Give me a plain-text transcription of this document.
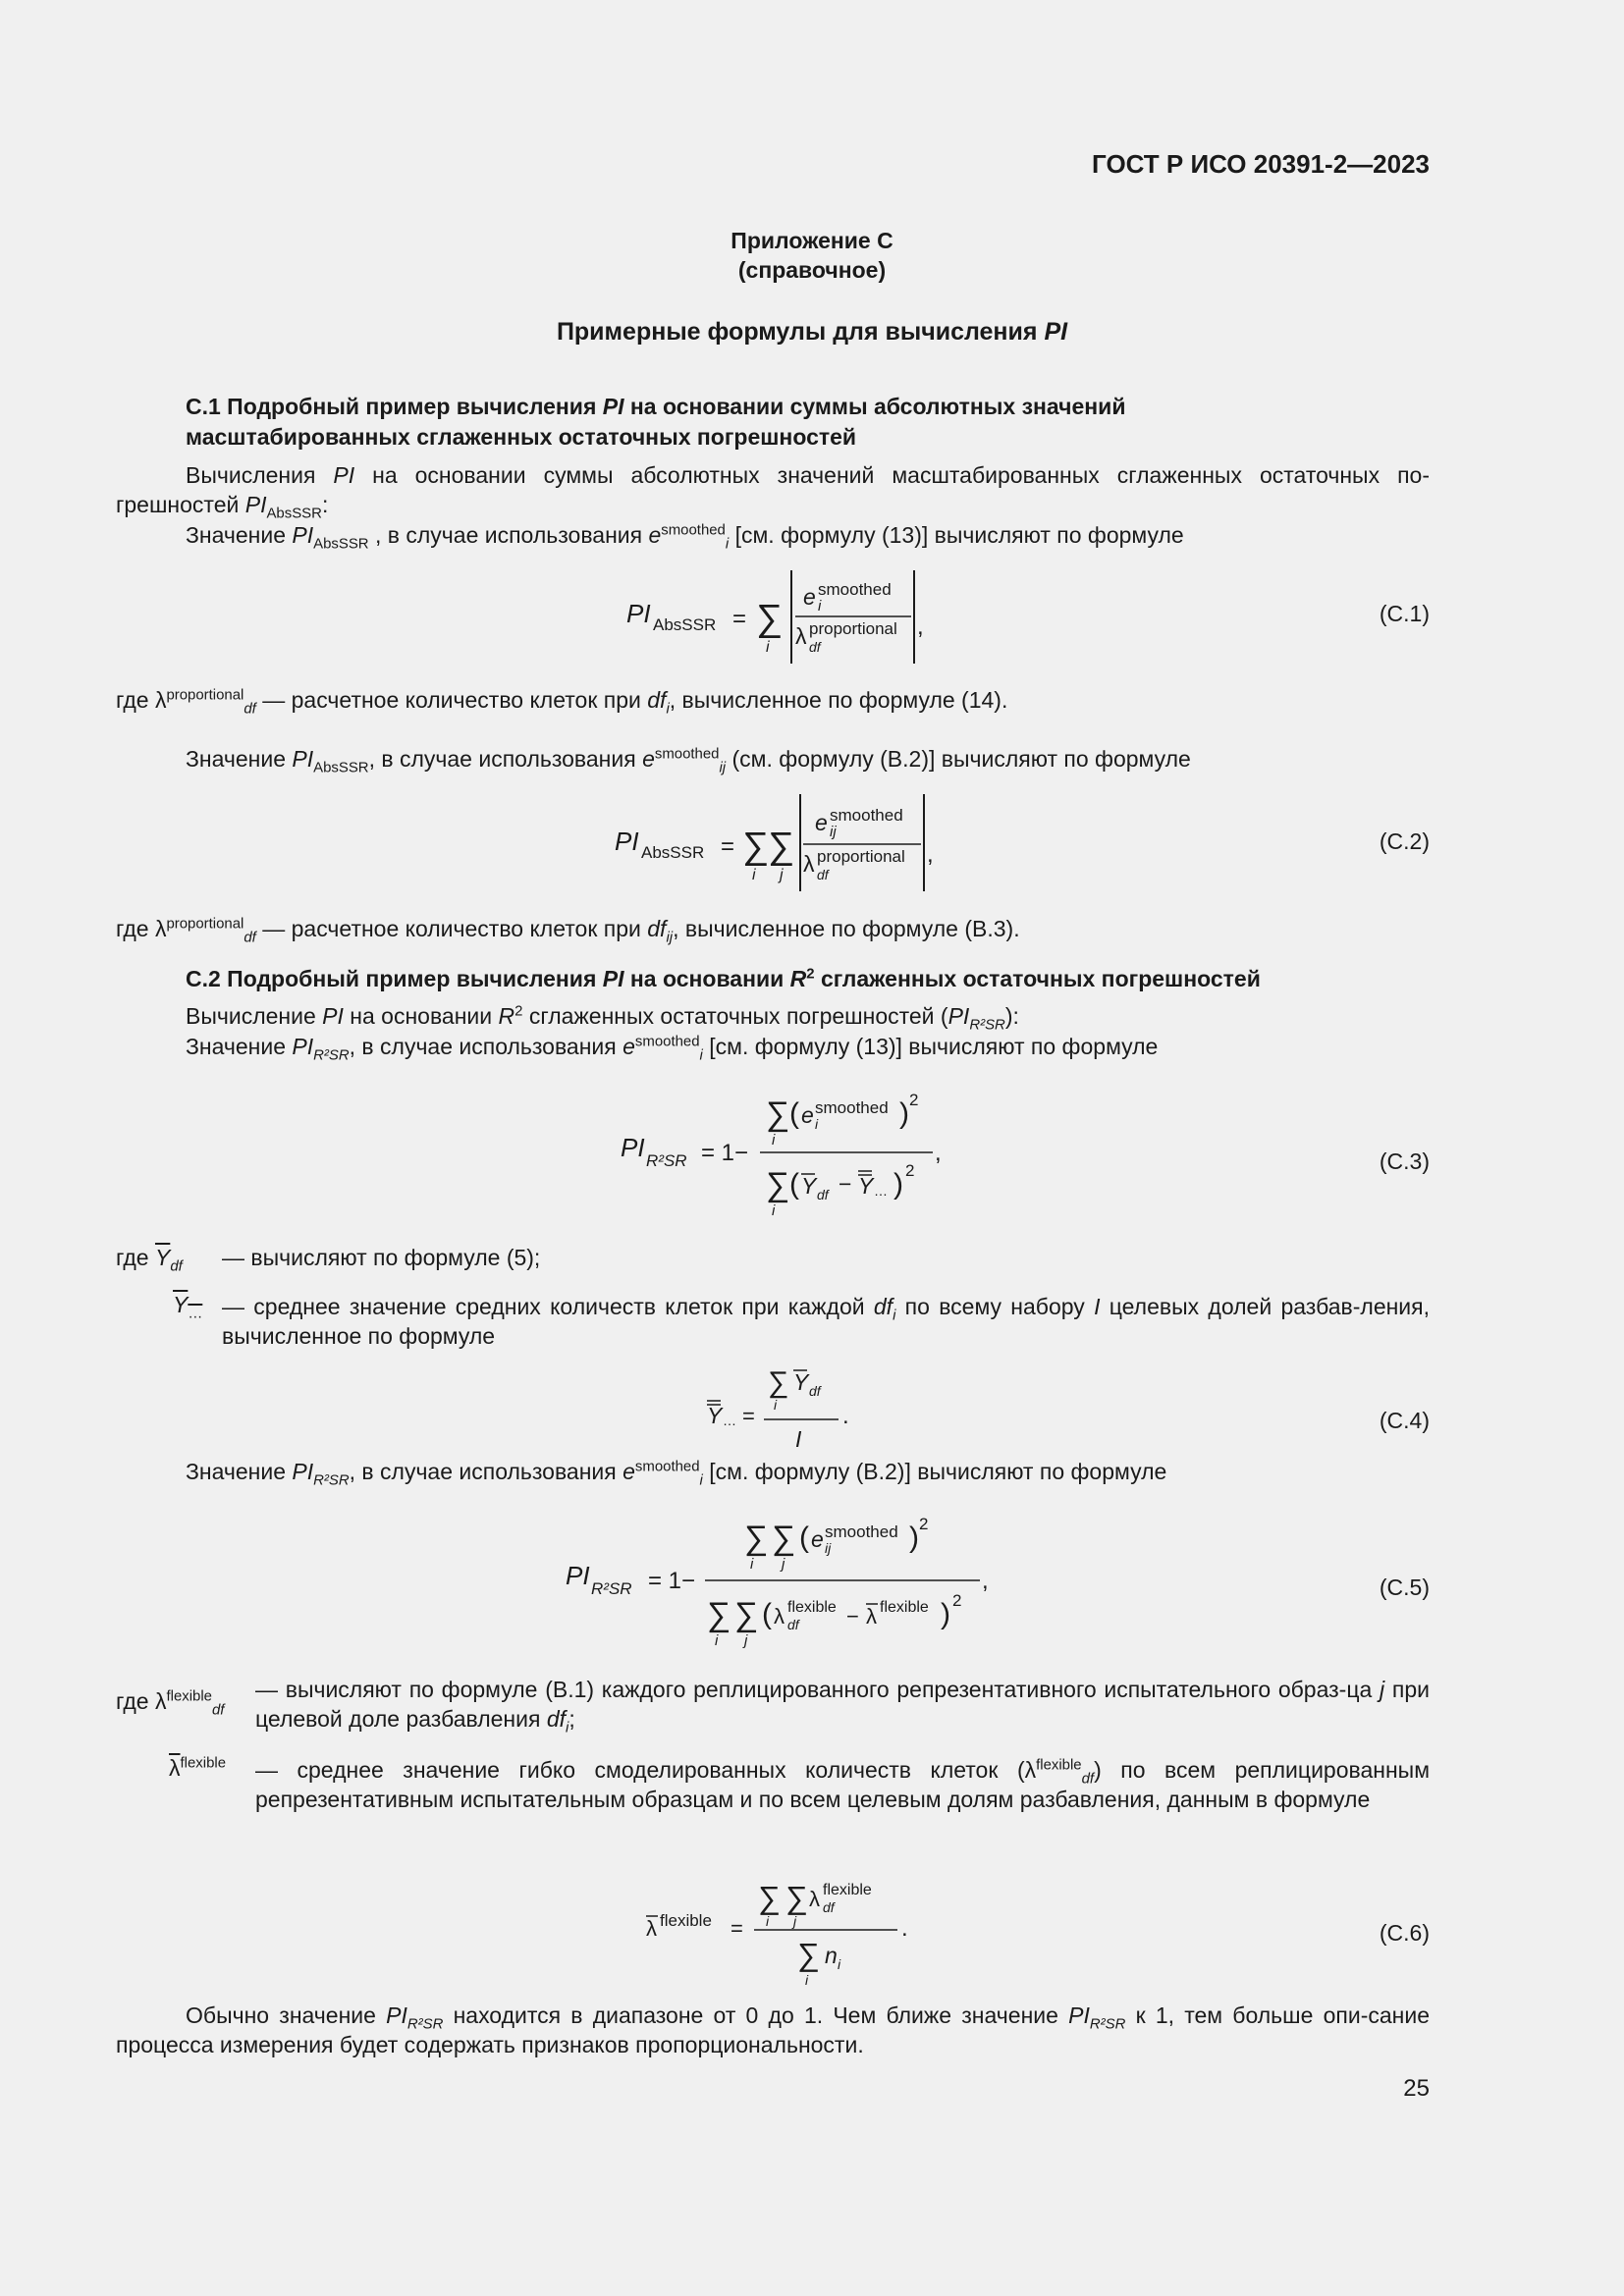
ГОСТ Р ИСО 20391-2—2023
Приложение C
(справочное)
Примерные формулы для вычисления PI
C.1 Подробный пример вычисления PI на основании суммы абсолютных значений
масштабированных сглаженных остаточных погрешностей
Вычисления PI на основании суммы абсолютных значений масштабированных сглаженных остаточных по-грешностей $PI_{AbsSSR}$:
Значение $PI_{AbsSSR}$ , в случае использования $e^{smoothed}_i$ [см. формулу (13)] вычисляют по формуле
PI AbsSSR = ∑
i
e smoothed
i
λ proportional
df
,	(C.1)
где $\lambda^{proportional}_{df}$ — расчетное количество клеток при $df_i$, вычисленное по формуле (14).
Значение $PI_{AbsSSR}$, в случае использования $e^{smoothed}_{ij}$ (см. формулу (B.2)] вычисляют по формуле
PI AbsSSR = ∑
i
∑
j
e smoothed
ij
λ proportional
df
,	(C.2)
где $\lambda^{proportional}_{df}$ — расчетное количество клеток при $df_{ij}$, вычисленное по формуле (B.3).
C.2 Подробный пример вычисления PI на основании $R^2$ сглаженных остаточных погрешностей
Вычисление PI на основании $R^2$ сглаженных остаточных погрешностей $(PI_{R^2SR})$:
Значение $PI_{R^2SR}$, в случае использования $e^{smoothed}_i$ [см. формулу (13)] вычисляют по формуле
PI R²SR = 1−
∑
i
( e smoothed
i	) 2
∑
i
( Y df − Y … ) 2
,	(C.3)
где $\overline{Y}_{df}$ — вычисляют по формуле (5);
$Y_\dots$ — среднее значение средних количеств клеток при каждой $df_i$ по всему набору I целевых долей разбав-ления, вычисленное по формуле
Y … =
∑
i
Y df
I
.	(C.4)
Значение $PI_{R^2SR}$, в случае использования $e^{smoothed}_i$ [см. формулу (B.2)] вычисляют по формуле
PI R²SR = 1−
∑
i
∑
j
( e smoothed
ij	) 2
∑
i
∑
j
( λ flexible
df − λ flexible ) 2
,	(C.5)
где $\lambda^{flexible}_{df}$
— вычисляют по формуле (B.1) каждого реплицированного репрезентативного испытательного образ-ца j при целевой доле разбавления $df_i$;
$\overline{\lambda}^{flexible}$ — среднее значение гибко смоделированных количеств клеток $(\lambda^{flexible}_{df})$ по всем реплицированным репрезентативным испытательным образцам и по всем целевым долям разбавления, данным в формуле
λ flexible =
∑
i
∑
j
λ flexible
df
∑
i
n i
.	(C.6)
Обычно значение $PI_{R^2SR}$ находится в диапазоне от 0 до 1. Чем ближе значение $PI_{R^2SR}$ к 1, тем больше опи-сание процесса измерения будет содержать признаков пропорциональности.
25
